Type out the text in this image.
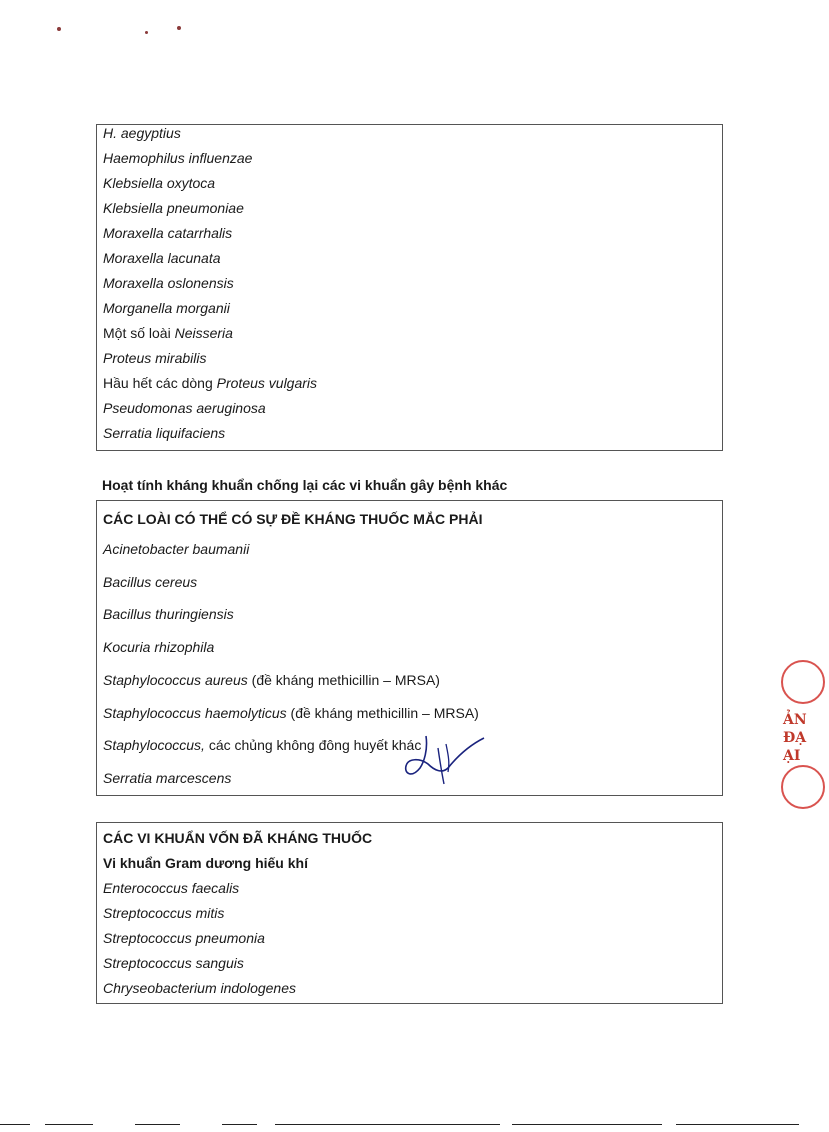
H. aegyptius
Haemophilus influenzae
Klebsiella oxytoca
Klebsiella pneumoniae
Moraxella catarrhalis
Moraxella lacunata
Moraxella oslonensis
Morganella morganii
Một số loài Neisseria
Proteus mirabilis
Hầu hết các dòng Proteus vulgaris
Pseudomonas aeruginosa
Serratia liquifaciens
Hoạt tính kháng khuẩn chống lại các vi khuẩn gây bệnh khác
CÁC LOÀI CÓ THỂ CÓ SỰ ĐỀ KHÁNG THUỐC MẮC PHẢI
Acinetobacter baumanii
Bacillus cereus
Bacillus thuringiensis
Kocuria rhizophila
Staphylococcus aureus (đề kháng methicillin – MRSA)
Staphylococcus haemolyticus (đề kháng methicillin – MRSA)
Staphylococcus, các chủng không đông huyết khác
Serratia marcescens
CÁC VI KHUẨN VỐN ĐÃ KHÁNG THUỐC
Vi khuẩn Gram dương hiếu khí
Enterococcus faecalis
Streptococcus mitis
Streptococcus pneumonia
Streptococcus sanguis
Chryseobacterium indologenes
ẢN
ĐẠ
ẠI
